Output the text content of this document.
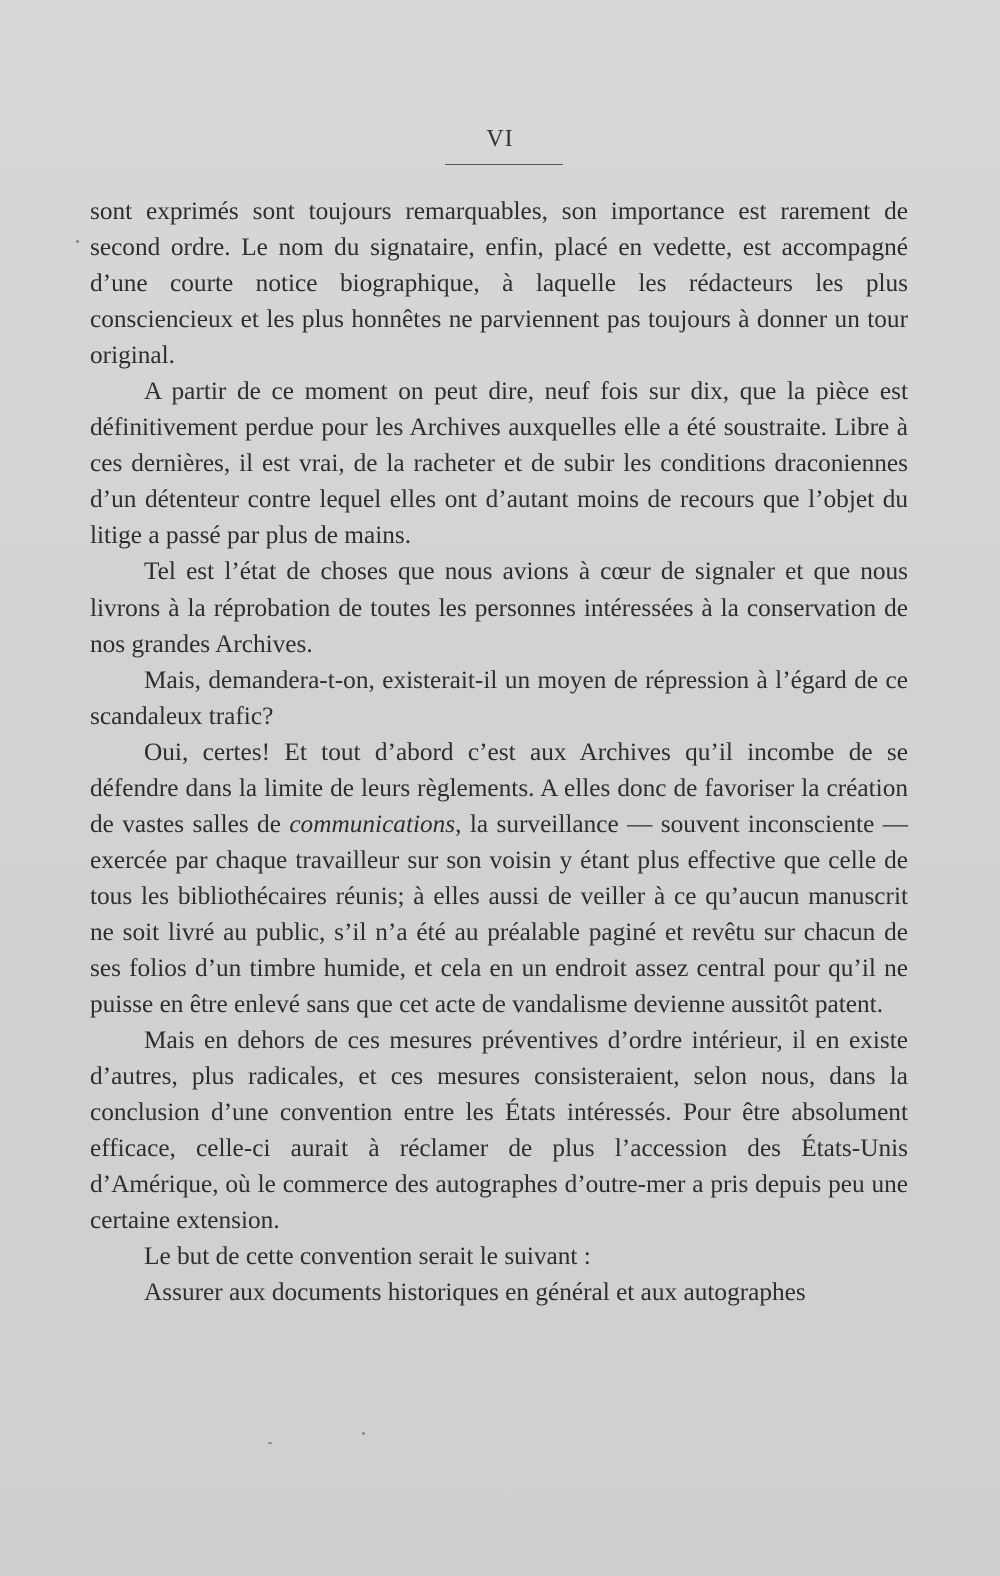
VI

sont exprimés sont toujours remarquables, son importance est rarement de second ordre. Le nom du signataire, enfin, placé en vedette, est accompagné d’une courte notice biographique, à laquelle les rédacteurs les plus consciencieux et les plus honnêtes ne parviennent pas toujours à donner un tour original.

A partir de ce moment on peut dire, neuf fois sur dix, que la pièce est définitivement perdue pour les Archives auxquelles elle a été soustraite. Libre à ces dernières, il est vrai, de la racheter et de subir les conditions draconiennes d’un détenteur contre lequel elles ont d’autant moins de recours que l’objet du litige a passé par plus de mains.

Tel est l’état de choses que nous avions à cœur de signaler et que nous livrons à la réprobation de toutes les personnes intéressées à la conservation de nos grandes Archives.

Mais, demandera-t-on, existerait-il un moyen de répression à l’égard de ce scandaleux trafic?

Oui, certes! Et tout d’abord c’est aux Archives qu’il incombe de se défendre dans la limite de leurs règlements. A elles donc de favoriser la création de vastes salles de communications, la surveillance — souvent inconsciente — exercée par chaque travailleur sur son voisin y étant plus effective que celle de tous les bibliothécaires réunis; à elles aussi de veiller à ce qu’aucun manuscrit ne soit livré au public, s’il n’a été au préalable paginé et revêtu sur chacun de ses folios d’un timbre humide, et cela en un endroit assez central pour qu’il ne puisse en être enlevé sans que cet acte de vandalisme devienne aussitôt patent.

Mais en dehors de ces mesures préventives d’ordre intérieur, il en existe d’autres, plus radicales, et ces mesures consisteraient, selon nous, dans la conclusion d’une convention entre les États intéressés. Pour être absolument efficace, celle-ci aurait à réclamer de plus l’accession des États-Unis d’Amérique, où le commerce des autographes d’outre-mer a pris depuis peu une certaine extension.

Le but de cette convention serait le suivant :

Assurer aux documents historiques en général et aux autographes
